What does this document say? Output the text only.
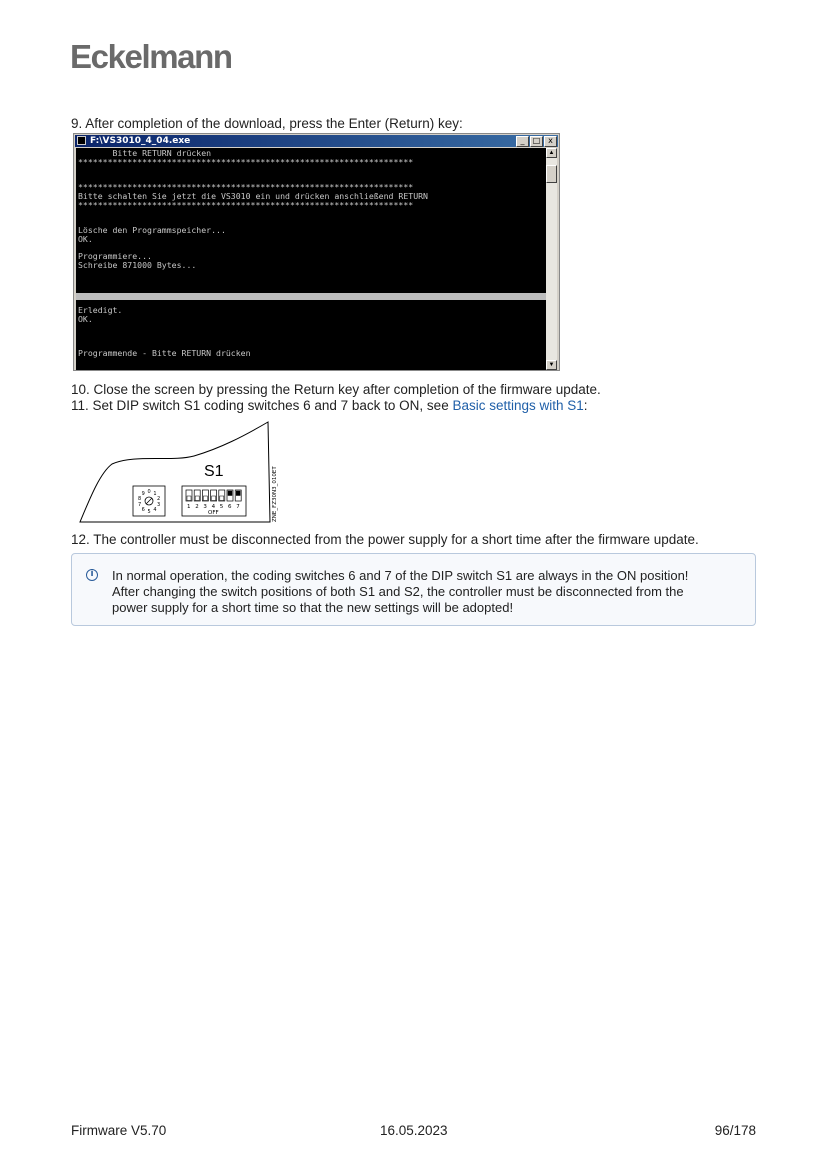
Eckelmann
9. After completion of the download, press the Enter (Return) key:
F:\VS3010_4_04.exe	_	□ x
Bitte RETURN drücken
********************************************************************
********************************************************************
Bitte schalten Sie jetzt die VS3010 ein und drücken anschließend RETURN
********************************************************************
Lösche den Programmspeicher...
OK.
Programmiere...
Schreibe 871000 Bytes...
Erledigt.
OK.
Programmende - Bitte RETURN drücken
▲
▼
10. Close the screen by pressing the Return key after completion of the firmware update.
11. Set DIP switch S1 coding switches 6 and 7 back to ON, see Basic settings with S1:
S1
0 1
2
3
4
5
6
7
8
9
1 2 3 4 5 6 7
OFF	ZNE_FZ30N3_010ET
12. The controller must be disconnected from the power supply for a short time after the firmware update.
i	In normal operation, the coding switches 6 and 7 of the DIP switch S1 are always in the ON position!
After changing the switch positions of both S1 and S2, the controller must be disconnected from the
power supply for a short time so that the new settings will be adopted!
Firmware V5.70	16.05.2023	96/178
